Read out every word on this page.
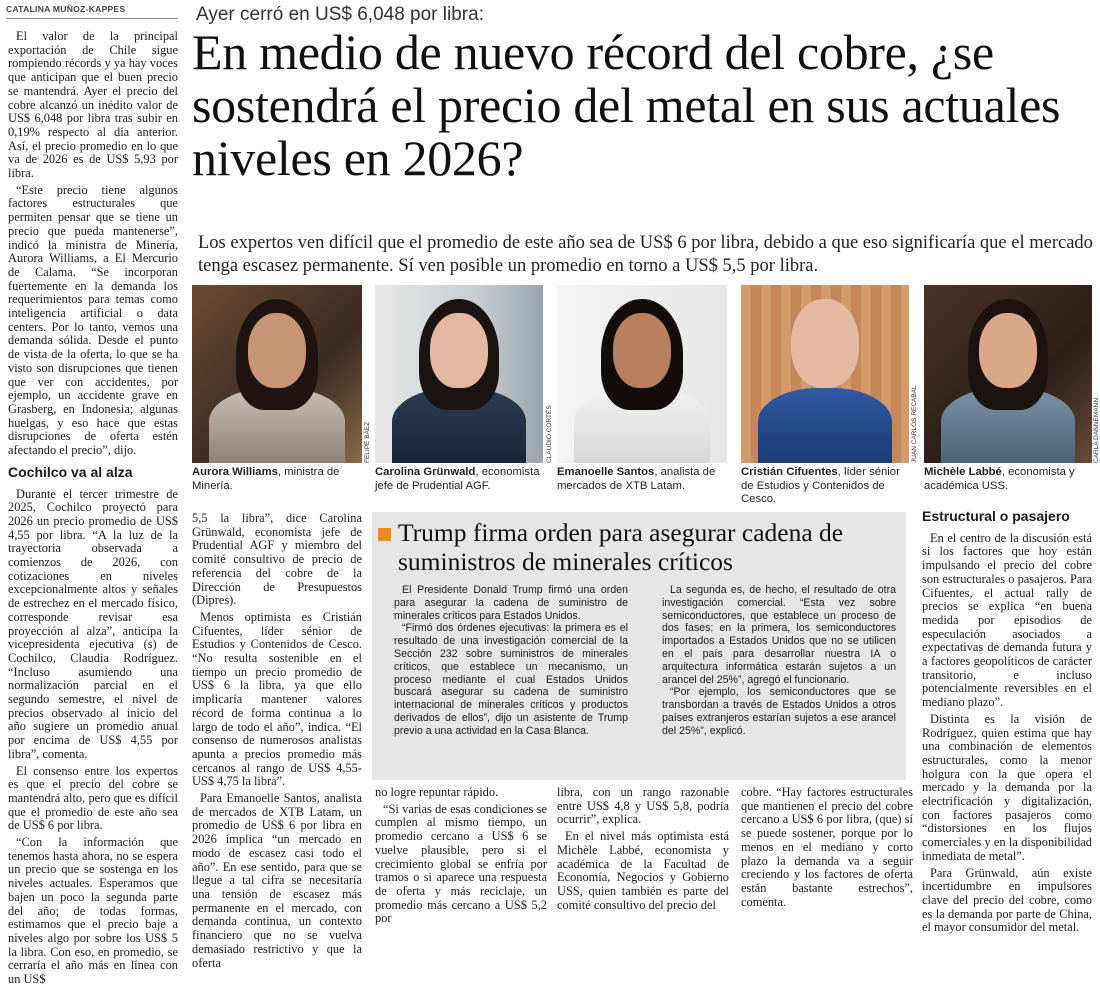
CATALINA MUÑOZ-KAPPES

El valor de la principal exportación de Chile sigue rompiendo récords y ya hay voces que anticipan que el buen precio se mantendrá. Ayer el precio del cobre alcanzó un inédito valor de US$ 6,048 por libra tras subir en 0,19% respecto al día anterior. Así, el precio promedio en lo que va de 2026 es de US$ 5,93 por libra.

“Este precio tiene algunos factores estructurales que permiten pensar que se tiene un precio que pueda mantenerse”, indicó la ministra de Minería, Aurora Williams, a El Mercurio de Calama. “Se incorporan fuertemente en la demanda los requerimientos para temas como inteligencia artificial o data centers. Por lo tanto, vemos una demanda sólida. Desde el punto de vista de la oferta, lo que se ha visto son disrupciones que tienen que ver con accidentes, por ejemplo, un accidente grave en Grasberg, en Indonesia; algunas huelgas, y eso hace que estas disrupciones de oferta estén afectando el precio”, dijo.

Cochilco va al alza

Durante el tercer trimestre de 2025, Cochilco proyectó para 2026 un precio promedio de US$ 4,55 por libra. “A la luz de la trayectoria observada a comienzos de 2026, con cotizaciones en niveles excepcionalmente altos y señales de estrechez en el mercado físico, corresponde revisar esa proyección al alza”, anticipa la vicepresidenta ejecutiva (s) de Cochilco, Claudia Rodríguez. “Incluso asumiendo una normalización parcial en el segundo semestre, el nivel de precios observado al inicio del año sugiere un promedio anual por encima de US$ 4,55 por libra”, comenta.

El consenso entre los expertos es que el precio del cobre se mantendrá alto, pero que es difícil que el promedio de este año sea de US$ 6 por libra.

“Con la información que tenemos hasta ahora, no se espera un precio que se sostenga en los niveles actuales. Esperamos que bajen un poco la segunda parte del año; de todas formas, estimamos que el precio baje a niveles algo por sobre los US$ 5 la libra. Con eso, en promedio, se cerraría el año más en línea con un US$

Ayer cerró en US$ 6,048 por libra:
En medio de nuevo récord del cobre, ¿se sostendrá el precio del metal en sus actuales niveles en 2026?
Los expertos ven difícil que el promedio de este año sea de US$ 6 por libra, debido a que eso significaría que el mercado tenga escasez permanente. Sí ven posible un promedio en torno a US$ 5,5 por libra.
FELIPE BÁEZ	CLAUDIO CORTÉS	JUAN CARLOS RECABAL	CARLA DANNEMANN
Aurora Williams, ministra de Minería.
Carolina Grünwald, economista jefe de Prudential AGF.
Emanoelle Santos, analista de mercados de XTB Latam.
Cristián Cifuentes, líder sénior de Estudios y Contenidos de Cesco.
Michèle Labbé, economista y académica USS.

5,5 la libra”, dice Carolina Grünwald, economista jefe de Prudential AGF y miembro del comité consultivo de precio de referencia del cobre de la Dirección de Presupuestos (Dipres).

Menos optimista es Cristián Cifuentes, líder sénior de Estudios y Contenidos de Cesco. “No resulta sostenible en el tiempo un precio promedio de US$ 6 la libra, ya que ello implicaría mantener valores récord de forma continua a lo largo de todo el año”, indica. “El consenso de numerosos analistas apunta a precios promedio más cercanos al rango de US$ 4,55-US$ 4,75 la libra”.

Para Emanoelle Santos, analista de mercados de XTB Latam, un promedio de US$ 6 por libra en 2026 implica “un mercado en modo de escasez casi todo el año”. En ese sentido, para que se llegue a tal cifra se necesitaría una tensión de escasez más permanente en el mercado, con demanda continua, un contexto financiero que no se vuelva demasiado restrictivo y que la oferta

Trump firma orden para asegurar cadena de suministros de minerales críticos

El Presidente Donald Trump firmó una orden para asegurar la cadena de suministro de minerales críticos para Estados Unidos.

“Firmó dos órdenes ejecutivas: la primera es el resultado de una investigación comercial de la Sección 232 sobre suministros de minerales críticos, que establece un mecanismo, un proceso mediante el cual Estados Unidos buscará asegurar su cadena de suministro internacional de minerales críticos y productos derivados de ellos”, dijo un asistente de Trump previo a una actividad en la Casa Blanca.

La segunda es, de hecho, el resultado de otra investigación comercial. “Esta vez sobre semiconductores, que establece un proceso de dos fases: en la primera, los semiconductores importados a Estados Unidos que no se utilicen en el país para desarrollar nuestra IA o arquitectura informática estarán sujetos a un arancel del 25%”, agregó el funcionario.

“Por ejemplo, los semiconductores que se transbordan a través de Estados Unidos a otros países extranjeros estarían sujetos a ese arancel del 25%”, explicó.

no logre repuntar rápido.

“Si varias de esas condiciones se cumplen al mismo tiempo, un promedio cercano a US$ 6 se vuelve plausible, pero si el crecimiento global se enfría por tramos o si aparece una respuesta de oferta y más reciclaje, un promedio más cercano a US$ 5,2 por

libra, con un rango razonable entre US$ 4,8 y US$ 5,8, podría ocurrir”, explica.

En el nivel más optimista está Michèle Labbé, economista y académica de la Facultad de Economía, Negocios y Gobierno USS, quien también es parte del comité consultivo del precio del

cobre. “Hay factores estructurales que mantienen el precio del cobre cercano a US$ 6 por libra, (que) sí se puede sostener, porque por lo menos en el mediano y corto plazo la demanda va a seguir creciendo y los factores de oferta están bastante estrechos”, comenta.

Estructural o pasajero

En el centro de la discusión está si los factores que hoy están impulsando el precio del cobre son estructurales o pasajeros. Para Cifuentes, el actual rally de precios se explica “en buena medida por episodios de especulación asociados a expectativas de demanda futura y a factores geopolíticos de carácter transitorio, e incluso potencialmente reversibles en el mediano plazo”.

Distinta es la visión de Rodríguez, quien estima que hay una combinación de elementos estructurales, como la menor holgura con la que opera el mercado y la demanda por la electrificación y digitalización, con factores pasajeros como “distorsiones en los flujos comerciales y en la disponibilidad inmediata de metal”.

Para Grünwald, aún existe incertidumbre en impulsores clave del precio del cobre, como es la demanda por parte de China, el mayor consumidor del metal.
